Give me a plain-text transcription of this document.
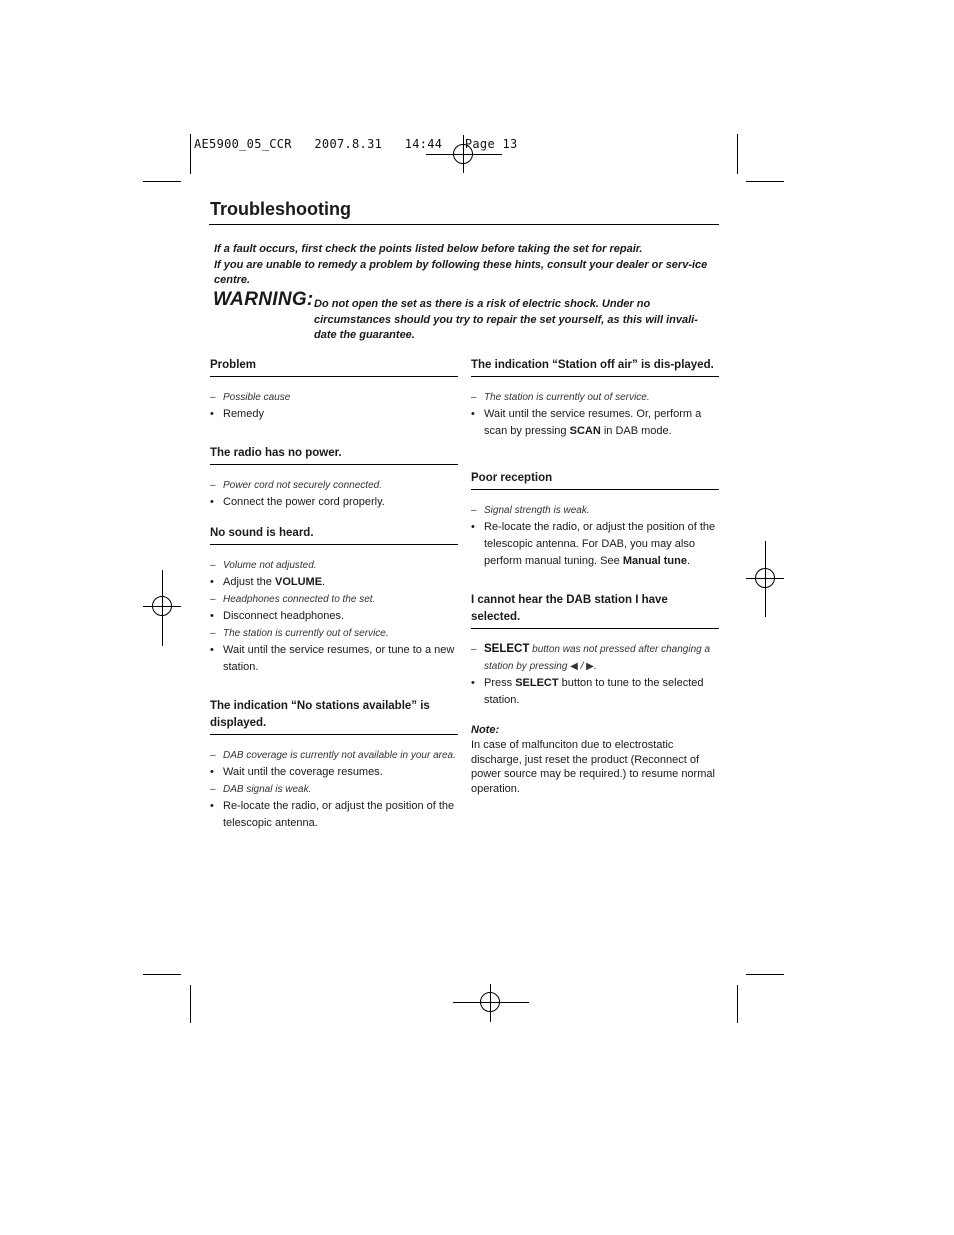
AE5900_05_CCR   2007.8.31   14:44   Page 13
Troubleshooting

If a fault occurs, first check the points listed below before taking the set for repair.

If you are unable to remedy a problem by following these hints, consult your dealer or serv-ice centre.

WARNING: Do not open the set as there is a risk of electric shock. Under no circumstances should you try to repair the set yourself, as this will invali-date the guarantee.
Problem
– Possible cause
• Remedy
The radio has no power.
– Power cord not securely connected.
• Connect the power cord properly.
No sound is heard.
– Volume not adjusted.
• Adjust the VOLUME.
– Headphones connected to the set.
• Disconnect headphones.
– The station is currently out of service.
• Wait until the service resumes, or tune to a new station.
The indication “No stations available” is displayed.
– DAB coverage is currently not available in your area.
• Wait until the coverage resumes.
– DAB signal is weak.
• Re-locate the radio, or adjust the position of the telescopic antenna.
The indication “Station off air” is dis-played.
– The station is currently out of service.
• Wait until the service resumes. Or, perform a scan by pressing SCAN in DAB mode.
Poor reception
– Signal strength is weak.
• Re-locate the radio, or adjust the position of the telescopic antenna. For DAB, you may also perform manual tuning. See Manual tune.
I cannot hear the DAB station I have selected.
– SELECT button was not pressed after changing a station by pressing ◀ / ▶.
• Press SELECT button to tune to the selected station.
Note:
In case of malfunciton due to electrostatic discharge, just reset the product (Reconnect of power source may be required.) to resume normal operation.
